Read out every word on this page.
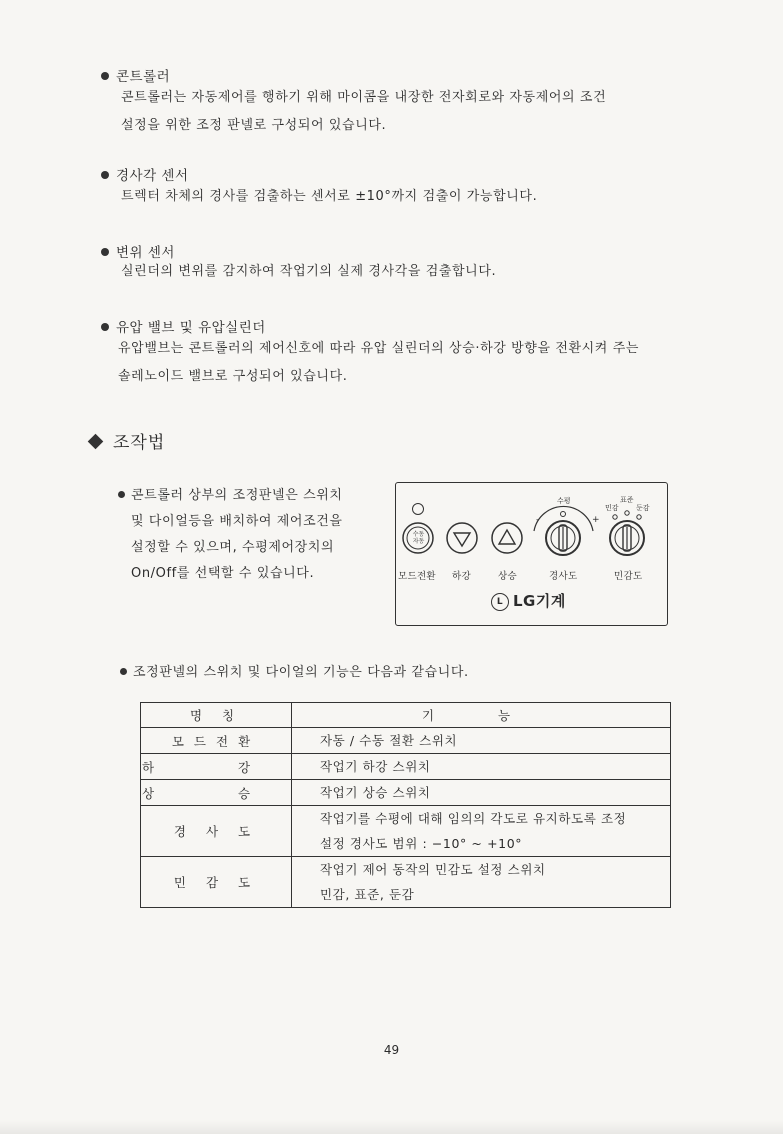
콘트롤러
콘트롤러는 자동제어를 행하기 위해 마이콤을 내장한 전자회로와 자동제어의 조건
설정을 위한 조정 판넬로 구성되어 있습니다.
경사각 센서
트렉터 차체의 경사를 검출하는 센서로 ±10°까지 검출이 가능합니다.
변위 센서
실린더의 변위를 감지하여 작업기의 실제 경사각을 검출합니다.
유압 밸브 및 유압실린더
유압밸브는 콘트롤러의 제어신호에 따라 유압 실린더의 상승·하강 방향을 전환시켜 주는
솔레노이드 밸브로 구성되어 있습니다.
조작법
콘트롤러 상부의 조정판넬은 스위치
및 다이얼등을 배치하여 제어조건을
설정할 수 있으며, 수평제어장치의
On/Off를 선택할 수 있습니다.
수동
자동
수평
-	+
민감
표준
둔감
모드전환 하강	상승	경사도	민감도
L LG기계
조정판넬의 스위치 및 다이얼의 기능은 다음과 같습니다.
명 칭	기 능
모드전환	자동 / 수동 절환 스위치

하 강	작업기 하강 스위치

상 승	작업기 상승 스위치

경 사 도	작업기를 수평에 대해 임의의 각도로 유지하도록 조정
설정 경사도 범위 : −10° ~ +10°

민 감 도	작업기 제어 동작의 민감도 설정 스위치
민감, 표준, 둔감
49
